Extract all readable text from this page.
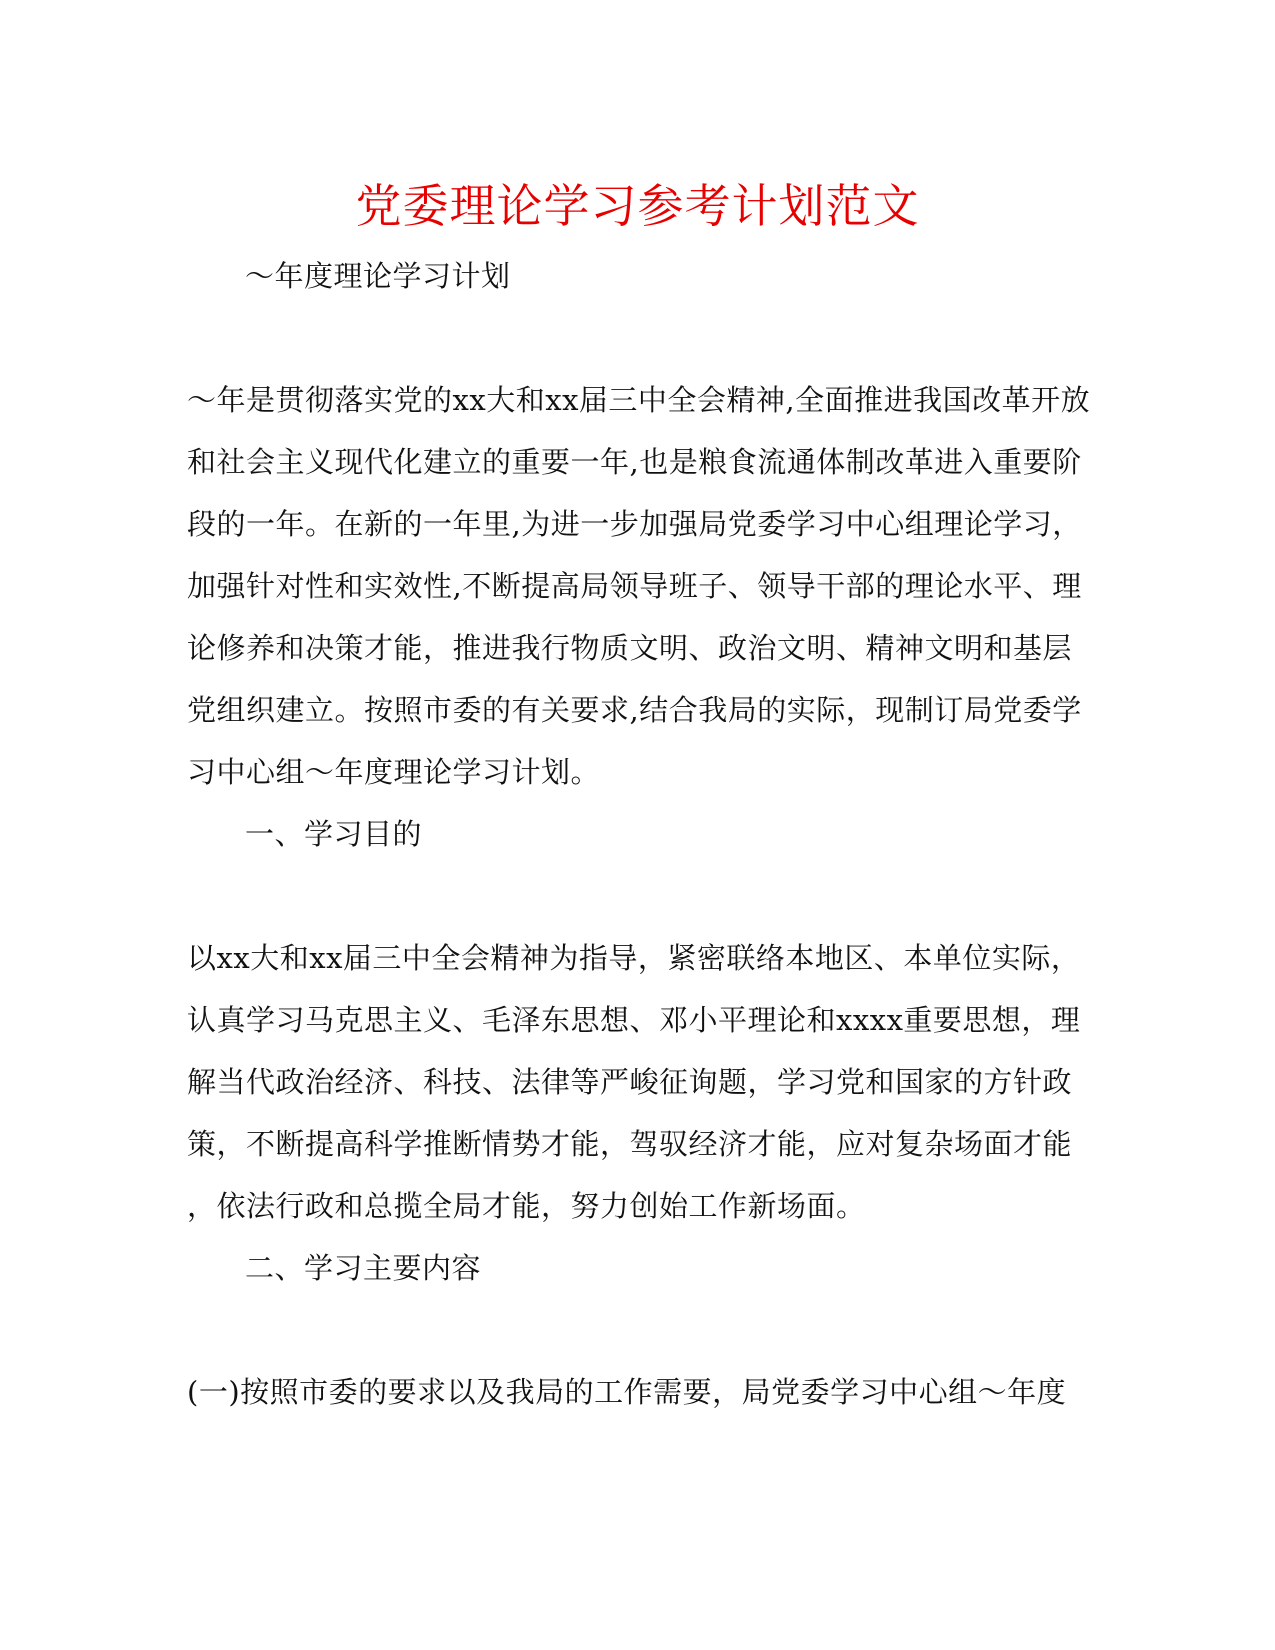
党委理论学习参考计划范文
～年度理论学习计划
～年是贯彻落实党的xx大和xx届三中全会精神,全面推进我国改革开放
和社会主义现代化建立的重要一年,也是粮食流通体制改革进入重要阶
段的一年。在新的一年里,为进一步加强局党委学习中心组理论学习，
加强针对性和实效性,不断提高局领导班子、领导干部的理论水平、理
论修养和决策才能，推进我行物质文明、政治文明、精神文明和基层
党组织建立。按照市委的有关要求,结合我局的实际，现制订局党委学
习中心组～年度理论学习计划。
一、学习目的
以xx大和xx届三中全会精神为指导，紧密联络本地区、本单位实际，
认真学习马克思主义、毛泽东思想、邓小平理论和xxxx重要思想，理
解当代政治经济、科技、法律等严峻征询题，学习党和国家的方针政
策，不断提高科学推断情势才能，驾驭经济才能，应对复杂场面才能
，依法行政和总揽全局才能，努力创始工作新场面。
二、学习主要内容
(一)按照市委的要求以及我局的工作需要，局党委学习中心组～年度
